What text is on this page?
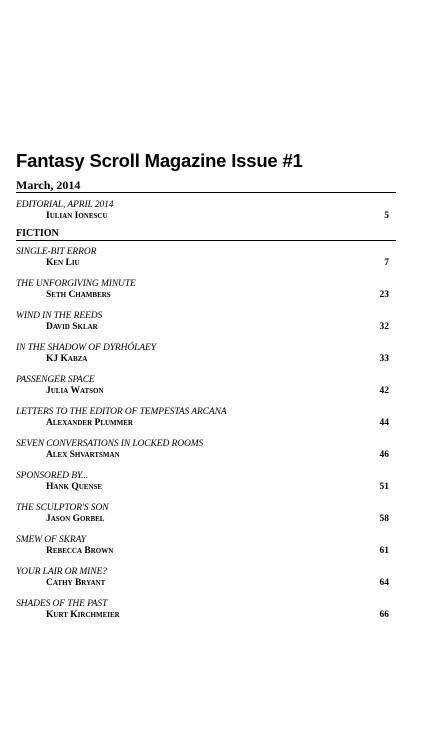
Fantasy Scroll Magazine Issue #1
March, 2014
EDITORIAL, APRIL 2014
Iulian Ionescu	5
FICTION
SINGLE-BIT ERROR
Ken Liu	7
THE UNFORGIVING MINUTE
Seth Chambers	23
WIND IN THE REEDS
David Sklar	32
IN THE SHADOW OF DYRHÓLAEY
KJ Kabza	33
PASSENGER SPACE
Julia Watson	42
LETTERS TO THE EDITOR OF TEMPESTAS ARCANA
Alexander Plummer	44
SEVEN CONVERSATIONS IN LOCKED ROOMS
Alex Shvartsman	46
SPONSORED BY...
Hank Quense	51
THE SCULPTOR'S SON
Jason Gorbel	58
SMEW OF SKRAY
Rebecca Brown	61
YOUR LAIR OR MINE?
Cathy Bryant	64
SHADES OF THE PAST
Kurt Kirchmeier	66
